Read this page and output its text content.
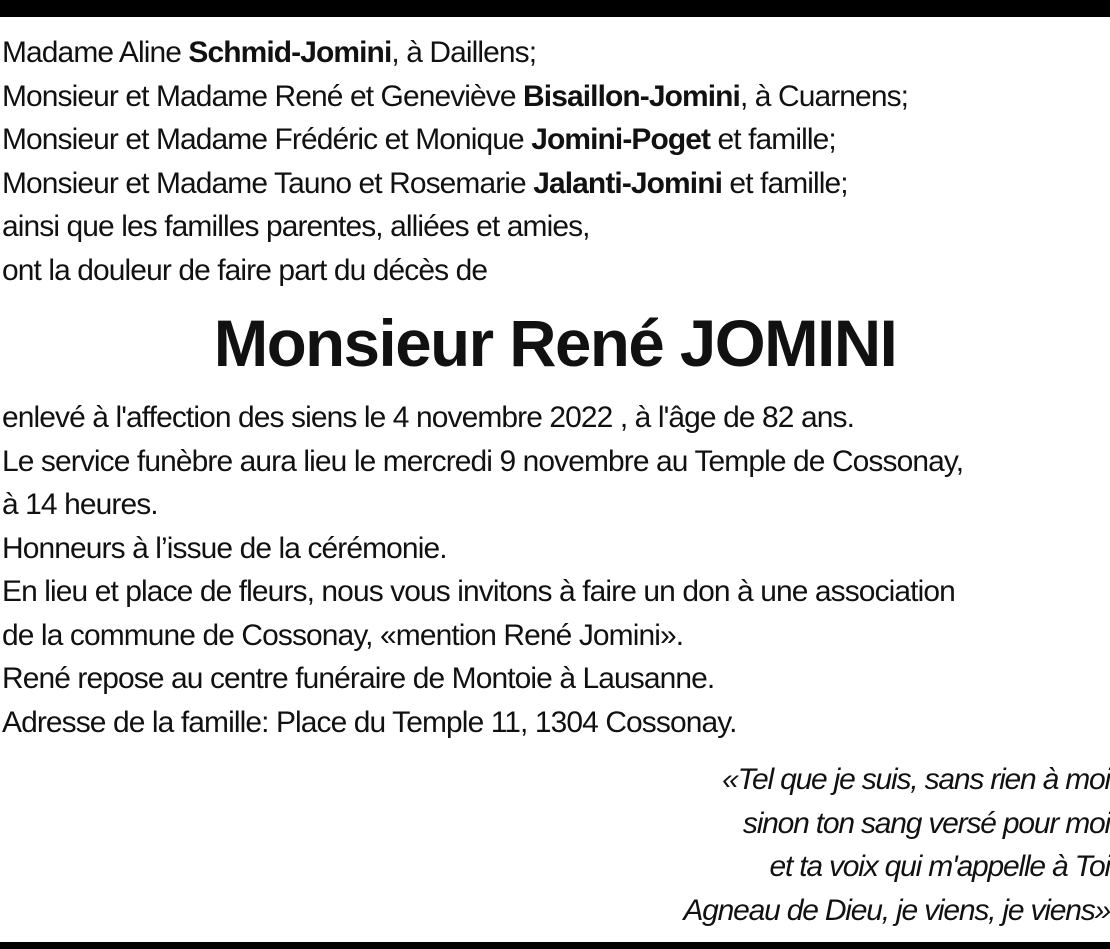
Madame Aline Schmid-Jomini, à Daillens;
Monsieur et Madame René et Geneviève Bisaillon-Jomini, à Cuarnens;
Monsieur et Madame Frédéric et Monique Jomini-Poget et famille;
Monsieur et Madame Tauno et Rosemarie Jalanti-Jomini et famille;
ainsi que les familles parentes, alliées et amies,
ont la douleur de faire part du décès de
Monsieur René JOMINI
enlevé à l'affection des siens le 4 novembre 2022 , à l'âge de 82 ans.
Le service funèbre aura lieu le mercredi 9 novembre au Temple de Cossonay,
à 14 heures.
Honneurs à l’issue de la cérémonie.
En lieu et place de fleurs, nous vous invitons à faire un don à une association
de la commune de Cossonay, «mention René Jomini».
René repose au centre funéraire de Montoie à Lausanne.
Adresse de la famille: Place du Temple 11, 1304 Cossonay.
«Tel que je suis, sans rien à moi
sinon ton sang versé pour moi
et ta voix qui m'appelle à Toi
Agneau de Dieu, je viens, je viens»
